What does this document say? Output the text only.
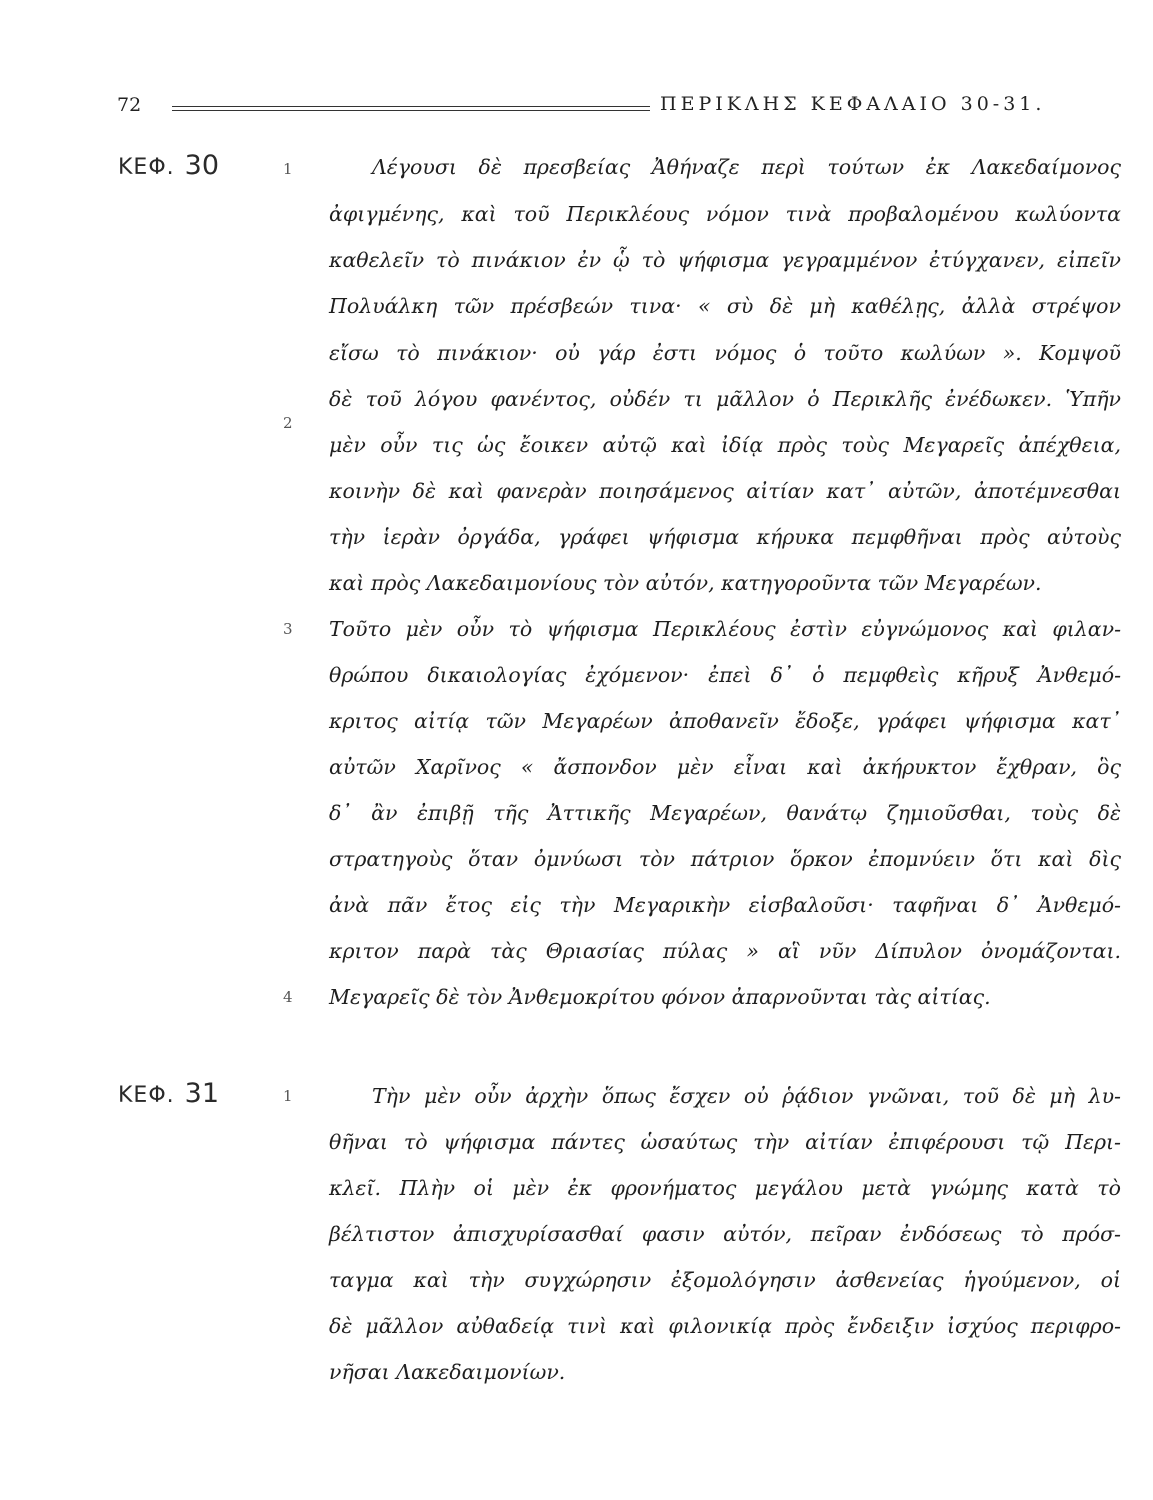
72	ΠΕΡΙΚΛΗΣ ΚΕΦΑΛΑΙΟ 30-31.
ΚΕΦ. 30	1
2
3
4
Λέγουσι δὲ πρεσβείας Ἀθήναζε περὶ τούτων ἐκ Λακεδαίμονος
ἀφιγμένης, καὶ τοῦ Περικλέους νόμον τινὰ προβαλομένου κωλύοντα
καθελεῖν τὸ πινάκιον ἐν ᾧ τὸ ψήφισμα γεγραμμένον ἐτύγχανεν, εἰπεῖν
Πολυάλκη τῶν πρέσβεών τινα· « σὺ δὲ μὴ καθέλῃς, ἀλλὰ στρέψον
εἴσω τὸ πινάκιον· οὐ γάρ ἐστι νόμος ὁ τοῦτο κωλύων ». Κομψοῦ
δὲ τοῦ λόγου φανέντος, οὐδέν τι μᾶλλον ὁ Περικλῆς ἐνέδωκεν. Ὑπῆν
μὲν οὖν τις ὡς ἔοικεν αὐτῷ καὶ ἰδίᾳ πρὸς τοὺς Μεγαρεῖς ἀπέχθεια,
κοινὴν δὲ καὶ φανερὰν ποιησάμενος αἰτίαν κατ᾽ αὐτῶν, ἀποτέμνεσθαι
τὴν ἱερὰν ὀργάδα, γράφει ψήφισμα κήρυκα πεμφθῆναι πρὸς αὐτοὺς
καὶ πρὸς Λακεδαιμονίους τὸν αὐτόν, κατηγοροῦντα τῶν Μεγαρέων.
Τοῦτο μὲν οὖν τὸ ψήφισμα Περικλέους ἐστὶν εὐγνώμονος καὶ φιλαν-
θρώπου δικαιολογίας ἐχόμενον· ἐπεὶ δ᾽ ὁ πεμφθεὶς κῆρυξ Ἀνθεμό-
κριτος αἰτίᾳ τῶν Μεγαρέων ἀποθανεῖν ἔδοξε, γράφει ψήφισμα κατ᾽
αὐτῶν Χαρῖνος « ἄσπονδον μὲν εἶναι καὶ ἀκήρυκτον ἔχθραν, ὃς
δ᾽ ἂν ἐπιβῇ τῆς Ἀττικῆς Μεγαρέων, θανάτῳ ζημιοῦσθαι, τοὺς δὲ
στρατηγοὺς ὅταν ὀμνύωσι τὸν πάτριον ὅρκον ἐπομνύειν ὅτι καὶ δὶς
ἀνὰ πᾶν ἔτος εἰς τὴν Μεγαρικὴν εἰσβαλοῦσι· ταφῆναι δ᾽ Ἀνθεμό-
κριτον παρὰ τὰς Θριασίας πύλας » αἳ νῦν Δίπυλον ὀνομάζονται.
Μεγαρεῖς δὲ τὸν Ἀνθεμοκρίτου φόνον ἀπαρνοῦνται τὰς αἰτίας.
ΚΕΦ. 31	1	Τὴν μὲν οὖν ἀρχὴν ὅπως ἔσχεν οὐ ῥᾴδιον γνῶναι, τοῦ δὲ μὴ λυ-
θῆναι τὸ ψήφισμα πάντες ὡσαύτως τὴν αἰτίαν ἐπιφέρουσι τῷ Περι-
κλεῖ. Πλὴν οἱ μὲν ἐκ φρονήματος μεγάλου μετὰ γνώμης κατὰ τὸ
βέλτιστον ἀπισχυρίσασθαί φασιν αὐτόν, πεῖραν ἐνδόσεως τὸ πρόσ-
ταγμα καὶ τὴν συγχώρησιν ἐξομολόγησιν ἀσθενείας ἡγούμενον, οἱ
δὲ μᾶλλον αὐθαδείᾳ τινὶ καὶ φιλονικίᾳ πρὸς ἔνδειξιν ἰσχύος περιφρο-
νῆσαι Λακεδαιμονίων.
